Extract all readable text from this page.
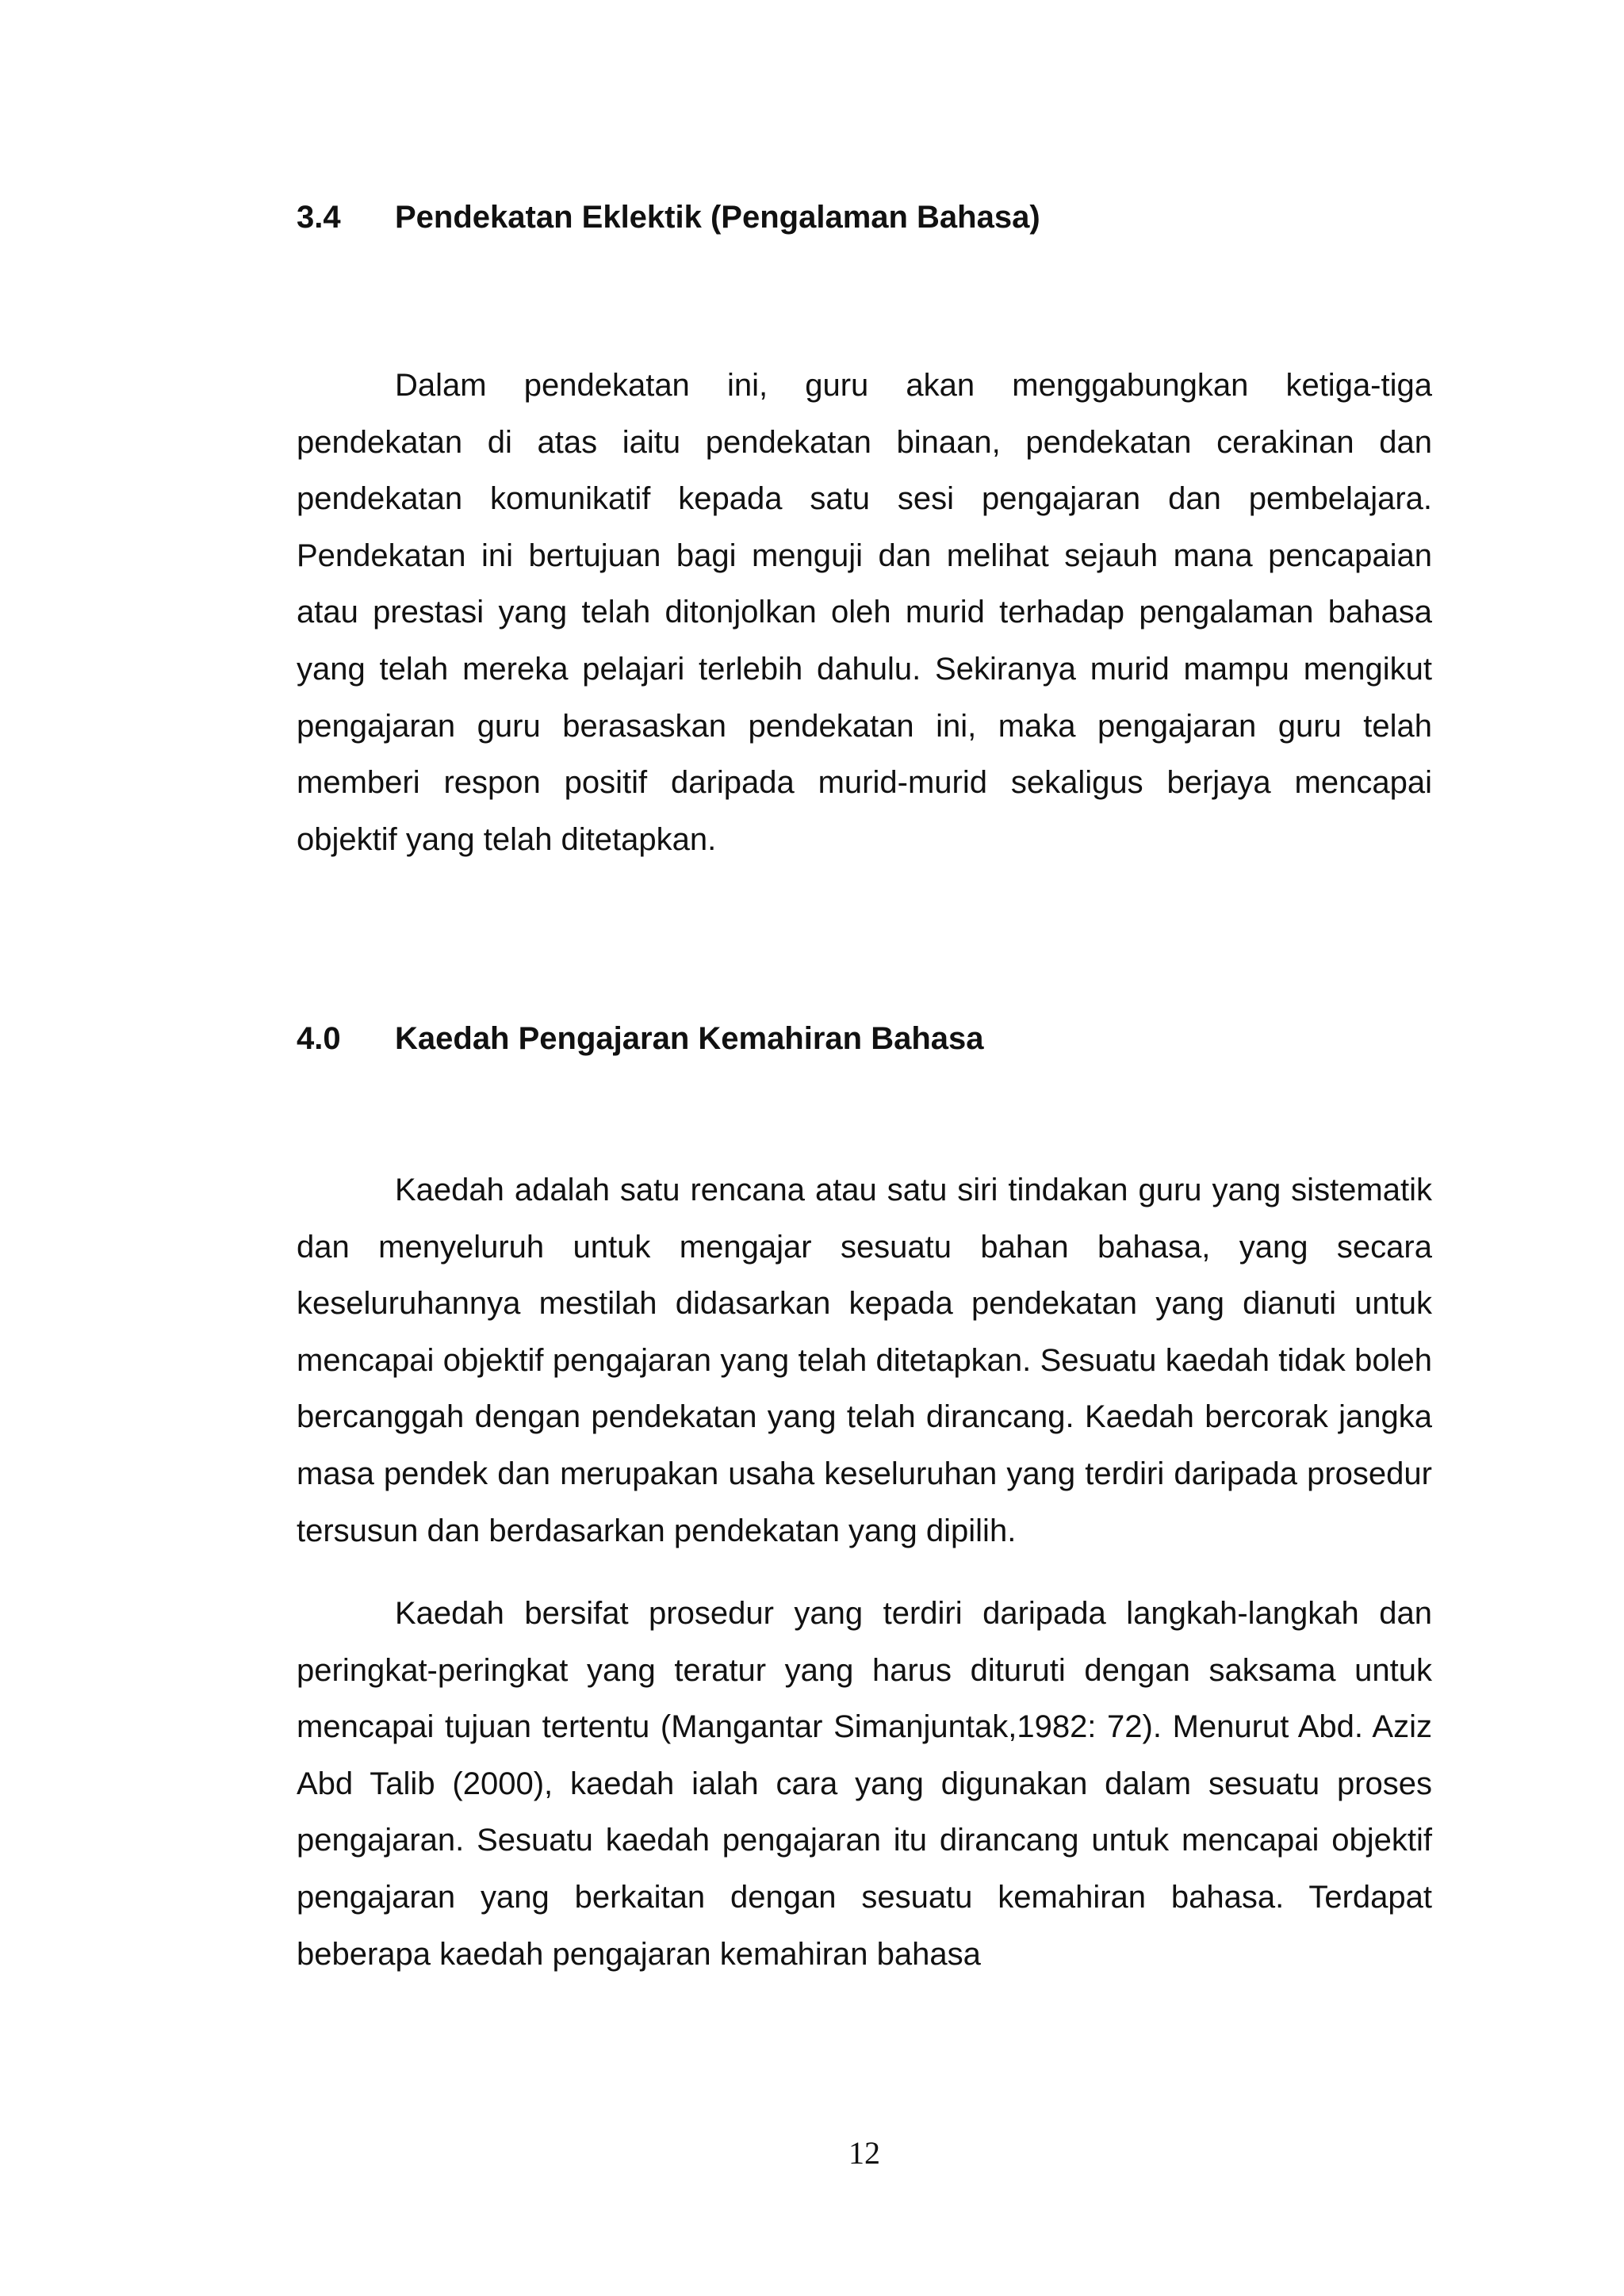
3.4 Pendekatan Eklektik (Pengalaman Bahasa)

Dalam pendekatan ini, guru akan menggabungkan ketiga-tiga pendekatan di atas iaitu pendekatan binaan, pendekatan cerakinan dan pendekatan komunikatif kepada satu sesi pengajaran dan pembelajara. Pendekatan ini bertujuan bagi menguji dan melihat sejauh mana pencapaian atau prestasi yang telah ditonjolkan oleh murid terhadap pengalaman bahasa yang telah mereka pelajari terlebih dahulu. Sekiranya murid mampu mengikut pengajaran guru berasaskan pendekatan ini, maka pengajaran guru telah memberi respon positif daripada murid-murid sekaligus berjaya mencapai objektif yang telah ditetapkan.

4.0 Kaedah Pengajaran Kemahiran Bahasa

Kaedah adalah satu rencana atau satu siri tindakan guru yang sistematik dan menyeluruh untuk mengajar sesuatu bahan bahasa, yang secara keseluruhannya mestilah didasarkan kepada pendekatan yang dianuti untuk mencapai objektif pengajaran yang telah ditetapkan. Sesuatu kaedah tidak boleh bercanggah dengan pendekatan yang telah dirancang. Kaedah bercorak jangka masa pendek dan merupakan usaha keseluruhan yang terdiri daripada prosedur tersusun dan berdasarkan pendekatan yang dipilih.

Kaedah bersifat prosedur yang terdiri daripada langkah-langkah dan peringkat-peringkat yang teratur yang harus dituruti dengan saksama untuk mencapai tujuan tertentu (Mangantar Simanjuntak,1982: 72). Menurut Abd. Aziz Abd Talib (2000), kaedah ialah cara yang digunakan dalam sesuatu proses pengajaran. Sesuatu kaedah pengajaran itu dirancang untuk mencapai objektif pengajaran yang berkaitan dengan sesuatu kemahiran bahasa. Terdapat beberapa kaedah pengajaran kemahiran bahasa

12
